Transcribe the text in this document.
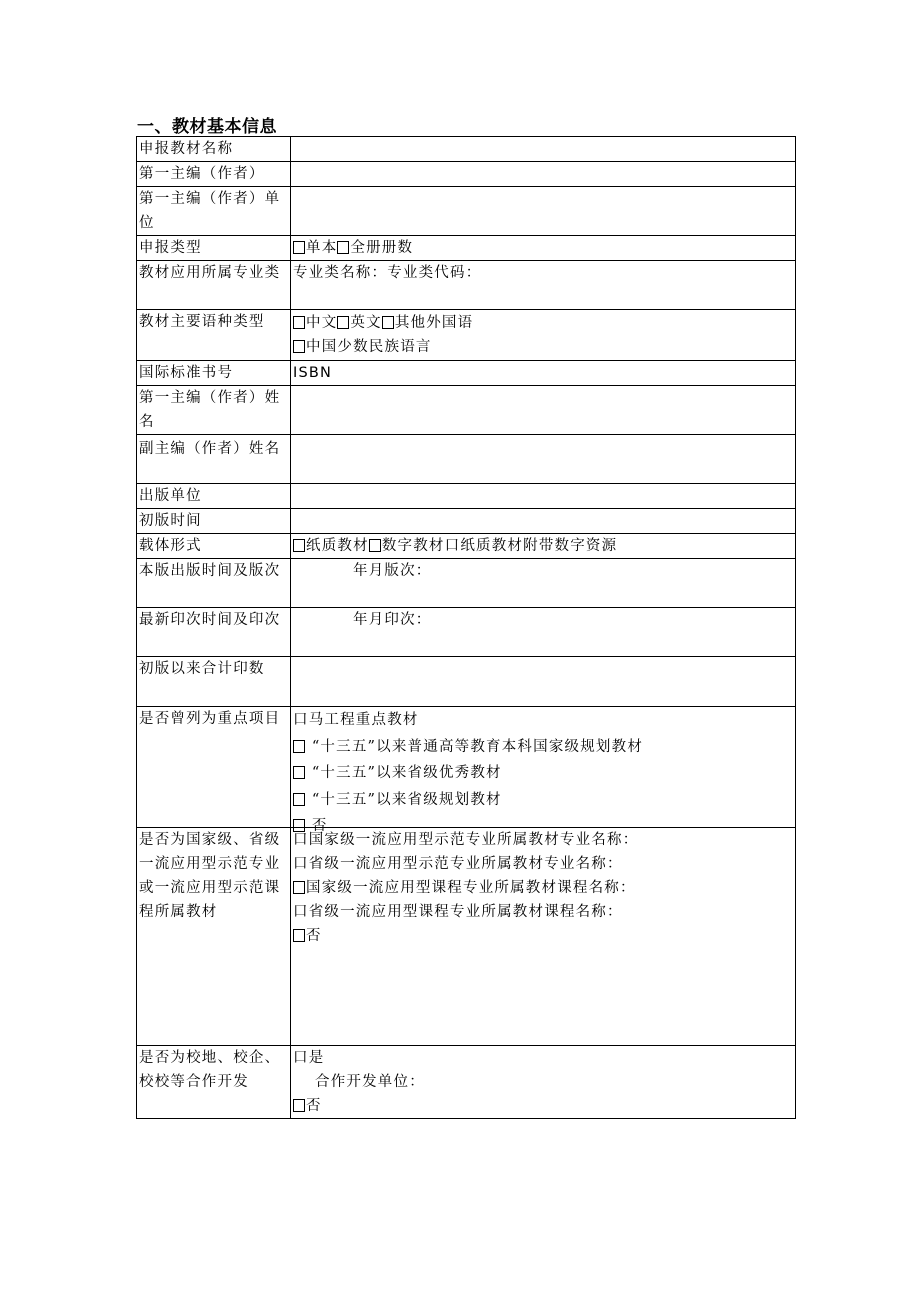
一、教材基本信息
申报教材名称	
第一主编（作者）	
第一主编（作者）单位	
申报类型	单本 全册册数
教材应用所属专业类	专业类名称：专业类代码：
教材主要语种类型	中文 英文 其他外国语
中国少数民族语言

国际标准书号	ISBN
第一主编（作者）姓名	
副主编（作者）姓名	
出版单位	
初版时间	
载体形式	纸质教材 数字教材口纸质教材附带数字资源
本版出版时间及版次	年月版次：
最新印次时间及印次	年月印次：
初版以来合计印数	
是否曾列为重点项目	口马工程重点教材
“十三五”以来普通高等教育本科国家级规划教材
“十三五”以来省级优秀教材
“十三五”以来省级规划教材
否

是否为国家级、省级一流应用型示范专业或一流应用型示范课程所属教材	口国家级一流应用型示范专业所属教材专业名称：
口省级一流应用型示范专业所属教材专业名称：
国家级一流应用型课程专业所属教材课程名称：
口省级一流应用型课程专业所属教材课程名称：
否

是否为校地、校企、校校等合作开发	口是
合作开发单位：
否
